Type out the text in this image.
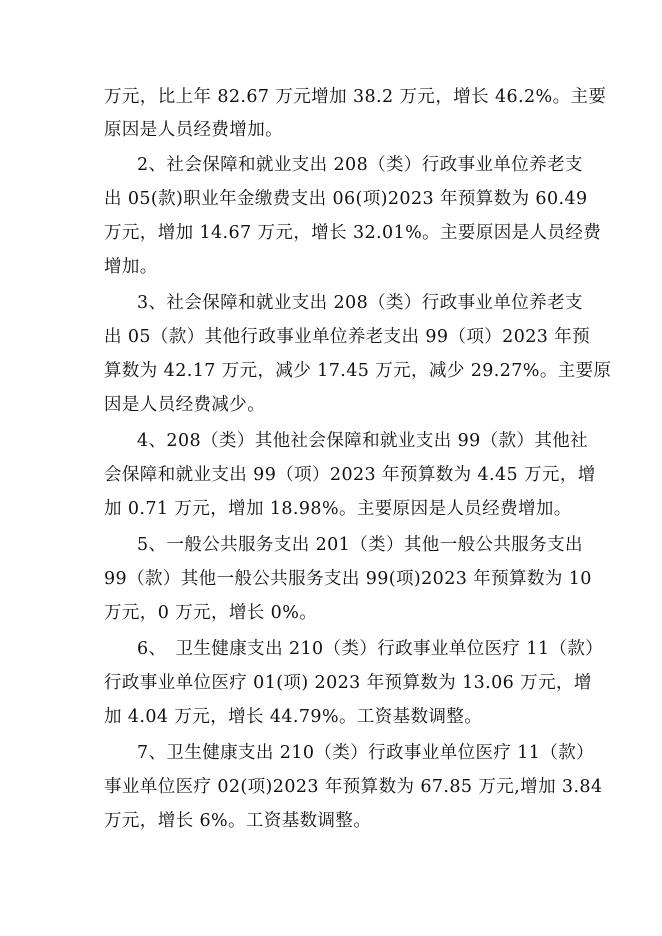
万元，比上年 82.67 万元增加 38.2 万元，增长 46.2%。主要
原因是人员经费增加。
2、社会保障和就业支出 208（类）行政事业单位养老支
出 05(款)职业年金缴费支出 06(项)2023 年预算数为 60.49
万元，增加 14.67 万元，增长 32.01%。主要原因是人员经费
增加。
3、社会保障和就业支出 208（类）行政事业单位养老支
出 05（款）其他行政事业单位养老支出 99（项）2023 年预
算数为 42.17 万元，减少 17.45 万元，减少 29.27%。主要原
因是人员经费减少。
4、208（类）其他社会保障和就业支出 99（款）其他社
会保障和就业支出 99（项）2023 年预算数为 4.45 万元，增
加 0.71 万元，增加 18.98%。主要原因是人员经费增加。
5、一般公共服务支出 201（类）其他一般公共服务支出
99（款）其他一般公共服务支出 99(项)2023 年预算数为 10
万元，0 万元，增长 0%。
6、　卫生健康支出 210（类）行政事业单位医疗 11（款）
行政事业单位医疗 01(项) 2023 年预算数为 13.06 万元，增
加 4.04 万元，增长 44.79%。工资基数调整。
7、卫生健康支出 210（类）行政事业单位医疗 11（款）
事业单位医疗 02(项)2023 年预算数为 67.85 万元,增加 3.84
万元，增长 6%。工资基数调整。
